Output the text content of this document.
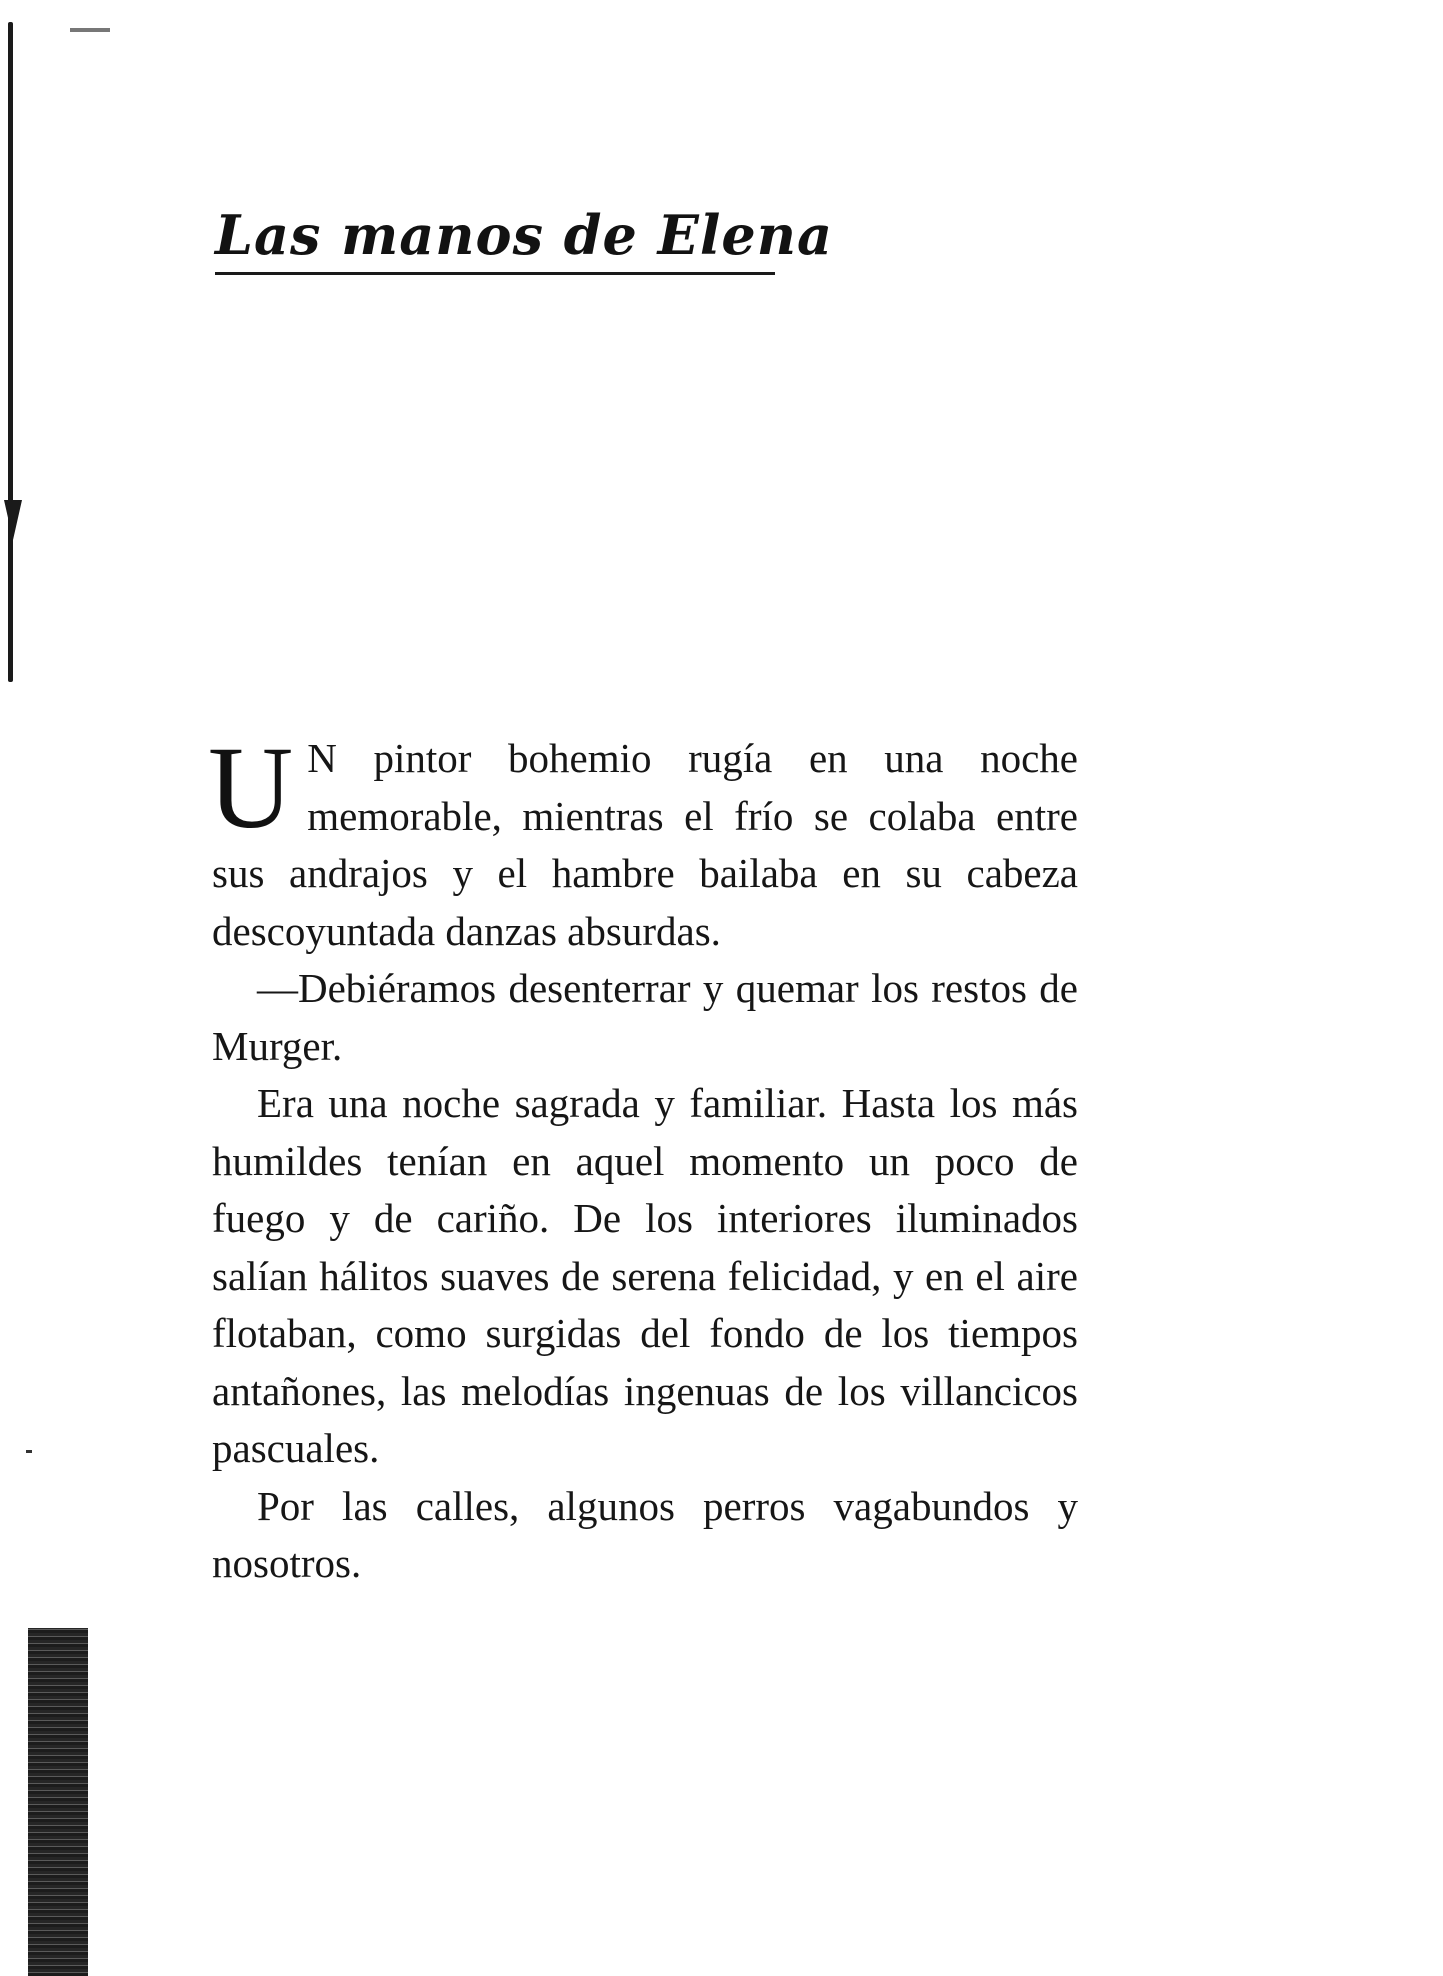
Las manos de Elena

U N pintor bohemio rugía en una noche memorable, mientras el frío se colaba entre sus andrajos y el hambre bailaba en su cabeza descoyuntada danzas absurdas.

—Debiéramos desenterrar y quemar los restos de Murger.

Era una noche sagrada y familiar. Hasta los más humildes tenían en aquel momento un poco de fuego y de cariño. De los interiores iluminados salían hálitos suaves de serena felicidad, y en el aire flotaban, como surgidas del fondo de los tiempos antañones, las melodías ingenuas de los villancicos pascuales.

Por las calles, algunos perros vagabundos y nosotros.
